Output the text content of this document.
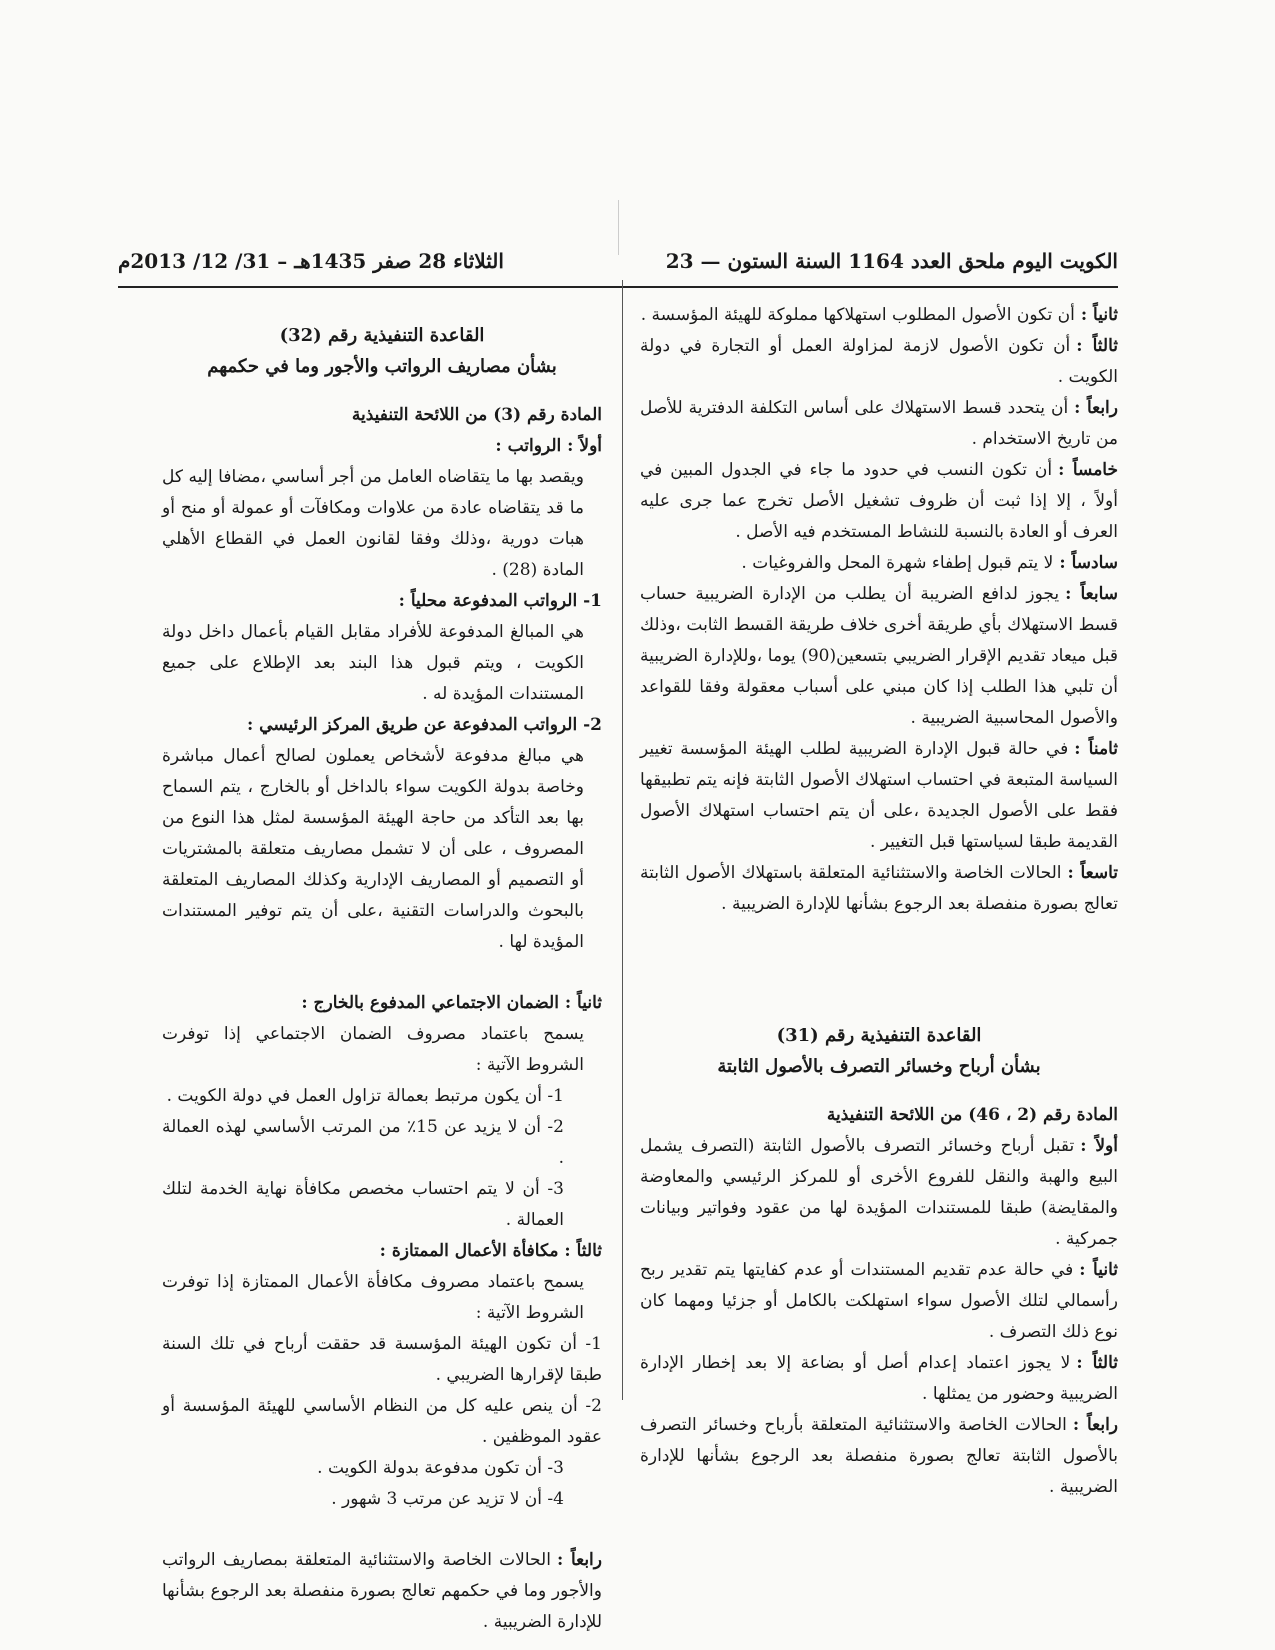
الكويت اليوم ملحق العدد 1164 السنة الستون — 23
الثلاثاء 28 صفر 1435هـ – 31/ 12/ 2013م

ثانياً :أن تكون الأصول المطلوب استهلاكها مملوكة للهيئة المؤسسة .

ثالثاً :أن تكون الأصول لازمة لمزاولة العمل أو التجارة في دولة الكويت .

رابعاً :أن يتحدد قسط الاستهلاك على أساس التكلفة الدفترية للأصل من تاريخ الاستخدام .

خامساً :أن تكون النسب في حدود ما جاء في الجدول المبين في أولاً ، إلا إذا ثبت أن ظروف تشغيل الأصل تخرج عما جرى عليه العرف أو العادة بالنسبة للنشاط المستخدم فيه الأصل .

سادساً :لا يتم قبول إطفاء شهرة المحل والفروغيات .

سابعاً :يجوز لدافع الضريبة أن يطلب من الإدارة الضريبية حساب قسط الاستهلاك بأي طريقة أخرى خلاف طريقة القسط الثابت ،وذلك قبل ميعاد تقديم الإقرار الضريبي بتسعين(90) يوما ،وللإدارة الضريبية أن تلبي هذا الطلب إذا كان مبني على أسباب معقولة وفقا للقواعد والأصول المحاسبية الضريبية .

ثامناً :في حالة قبول الإدارة الضريبية لطلب الهيئة المؤسسة تغيير السياسة المتبعة في احتساب استهلاك الأصول الثابتة فإنه يتم تطبيقها فقط على الأصول الجديدة ،على أن يتم احتساب استهلاك الأصول القديمة طبقا لسياستها قبل التغيير .

تاسعاً :الحالات الخاصة والاستثنائية المتعلقة باستهلاك الأصول الثابتة تعالج بصورة منفصلة بعد الرجوع بشأنها للإدارة الضريبية .

القاعدة التنفيذية رقم (31)

بشأن أرباح وخسائر التصرف بالأصول الثابتة

المادة رقم (2 ، 46) من اللائحة التنفيذية

أولاً :تقبل أرباح وخسائر التصرف بالأصول الثابتة (التصرف يشمل البيع والهبة والنقل للفروع الأخرى أو للمركز الرئيسي والمعاوضة والمقايضة) طبقا للمستندات المؤيدة لها من عقود وفواتير وبيانات جمركية .

ثانياً :في حالة عدم تقديم المستندات أو عدم كفايتها يتم تقدير ربح رأسمالي لتلك الأصول سواء استهلكت بالكامل أو جزئيا ومهما كان نوع ذلك التصرف .

ثالثاً :لا يجوز اعتماد إعدام أصل أو بضاعة إلا بعد إخطار الإدارة الضريبية وحضور من يمثلها .

رابعاً :الحالات الخاصة والاستثنائية المتعلقة بأرباح وخسائر التصرف بالأصول الثابتة تعالج بصورة منفصلة بعد الرجوع بشأنها للإدارة الضريبية .

القاعدة التنفيذية رقم (32)

بشأن مصاريف الرواتب والأجور وما في حكمهم

المادة رقم (3) من اللائحة التنفيذية

أولاً : الرواتب :

ويقصد بها ما يتقاضاه العامل من أجر أساسي ،مضافا إليه كل ما قد يتقاضاه عادة من علاوات ومكافآت أو عمولة أو منح أو هبات دورية ،وذلك وفقا لقانون العمل في القطاع الأهلي المادة (28) .

1- الرواتب المدفوعة محلياً :

هي المبالغ المدفوعة للأفراد مقابل القيام بأعمال داخل دولة الكويت ، ويتم قبول هذا البند بعد الإطلاع على جميع المستندات المؤيدة له .

2- الرواتب المدفوعة عن طريق المركز الرئيسي :

هي مبالغ مدفوعة لأشخاص يعملون لصالح أعمال مباشرة وخاصة بدولة الكويت سواء بالداخل أو بالخارج ، يتم السماح بها بعد التأكد من حاجة الهيئة المؤسسة لمثل هذا النوع من المصروف ، على أن لا تشمل مصاريف متعلقة بالمشتريات أو التصميم أو المصاريف الإدارية وكذلك المصاريف المتعلقة بالبحوث والدراسات التقنية ،على أن يتم توفير المستندات المؤيدة لها .

ثانياً : الضمان الاجتماعي المدفوع بالخارج :

يسمح باعتماد مصروف الضمان الاجتماعي إذا توفرت الشروط الآتية :

1- أن يكون مرتبط بعمالة تزاول العمل في دولة الكويت .

2- أن لا يزيد عن 15٪ من المرتب الأساسي لهذه العمالة .

3- أن لا يتم احتساب مخصص مكافأة نهاية الخدمة لتلك العمالة .

ثالثاً : مكافأة الأعمال الممتازة :

يسمح باعتماد مصروف مكافأة الأعمال الممتازة إذا توفرت الشروط الآتية :

1- أن تكون الهيئة المؤسسة قد حققت أرباح في تلك السنة طبقا لإقرارها الضريبي .

2- أن ينص عليه كل من النظام الأساسي للهيئة المؤسسة أو عقود الموظفين .

3- أن تكون مدفوعة بدولة الكويت .

4- أن لا تزيد عن مرتب 3 شهور .

رابعاً :الحالات الخاصة والاستثنائية المتعلقة بمصاريف الرواتب والأجور وما في حكمهم تعالج بصورة منفصلة بعد الرجوع بشأنها للإدارة الضريبية .
